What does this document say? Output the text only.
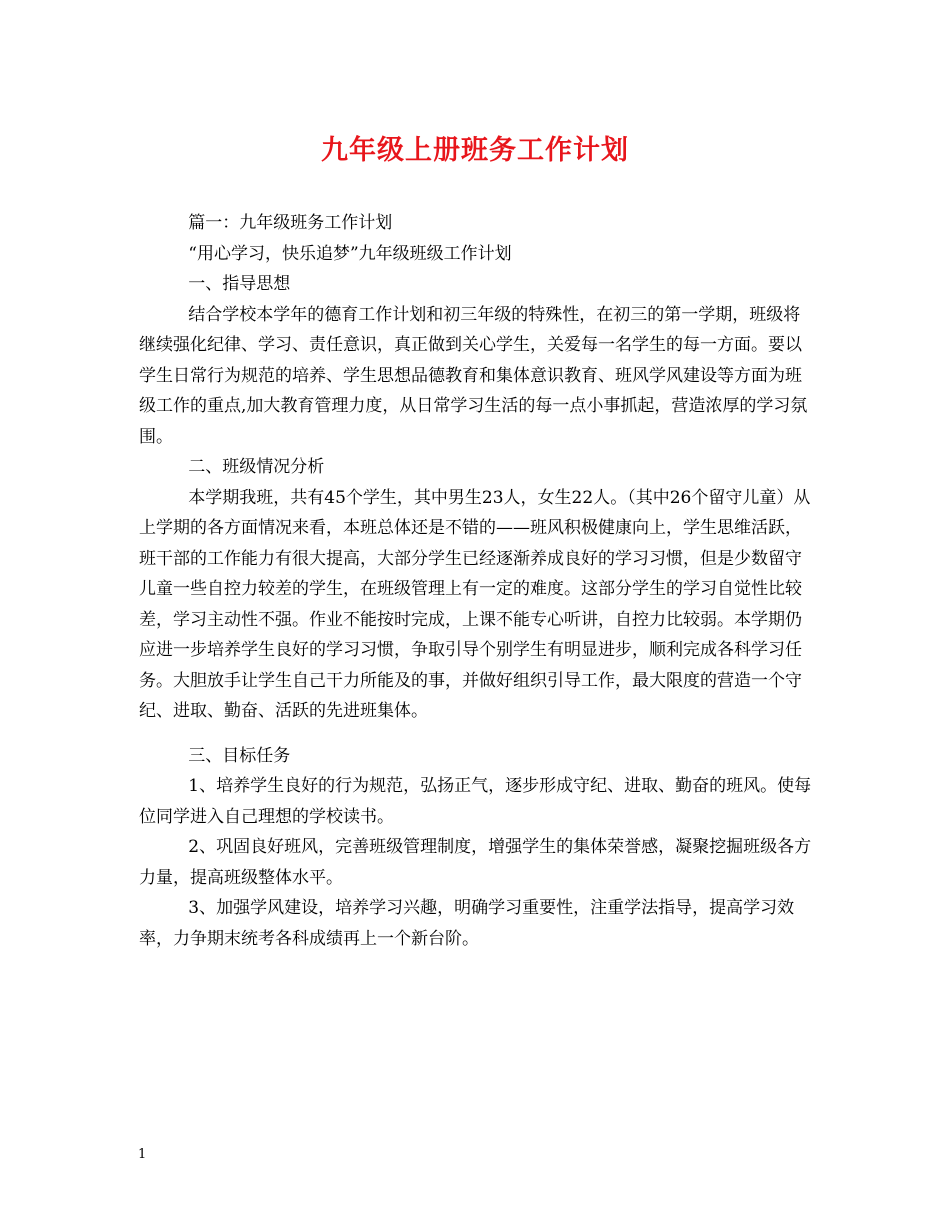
九年级上册班务工作计划

篇一：九年级班务工作计划

“用心学习，快乐追梦”九年级班级工作计划

一、指导思想

结合学校本学年的德育工作计划和初三年级的特殊性，在初三的第一学期，班级将继续强化纪律、学习、责任意识，真正做到关心学生，关爱每一名学生的每一方面。要以学生日常行为规范的培养、学生思想品德教育和集体意识教育、班风学风建设等方面为班级工作的重点,加大教育管理力度，从日常学习生活的每一点小事抓起，营造浓厚的学习氛围。

二、班级情况分析

本学期我班，共有45个学生，其中男生23人，女生22人。（其中26个留守儿童）从上学期的各方面情况来看，本班总体还是不错的——班风积极健康向上，学生思维活跃，班干部的工作能力有很大提高，大部分学生已经逐渐养成良好的学习习惯，但是少数留守儿童一些自控力较差的学生，在班级管理上有一定的难度。这部分学生的学习自觉性比较差，学习主动性不强。作业不能按时完成，上课不能专心听讲，自控力比较弱。本学期仍应进一步培养学生良好的学习习惯，争取引导个别学生有明显进步，顺利完成各科学习任务。大胆放手让学生自己干力所能及的事，并做好组织引导工作，最大限度的营造一个守纪、进取、勤奋、活跃的先进班集体。

三、目标任务

1、培养学生良好的行为规范，弘扬正气，逐步形成守纪、进取、勤奋的班风。使每位同学进入自己理想的学校读书。

2、巩固良好班风，完善班级管理制度，增强学生的集体荣誉感，凝聚挖掘班级各方力量，提高班级整体水平。

3、加强学风建设，培养学习兴趣，明确学习重要性，注重学法指导，提高学习效率，力争期末统考各科成绩再上一个新台阶。

1
